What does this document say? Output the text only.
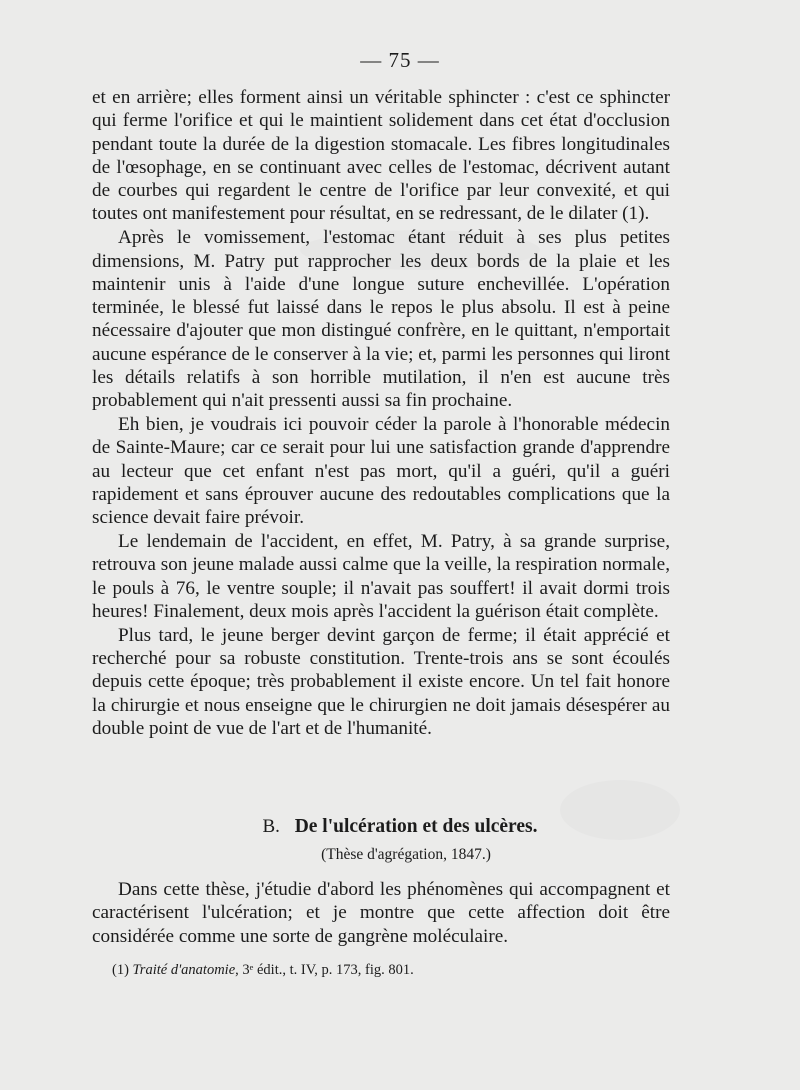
— 75 —

et en arrière; elles forment ainsi un véritable sphincter : c'est ce sphincter qui ferme l'orifice et qui le maintient solidement dans cet état d'occlusion pendant toute la durée de la digestion stomacale. Les fibres longitudinales de l'œsophage, en se continuant avec celles de l'estomac, décrivent autant de courbes qui regardent le centre de l'orifice par leur convexité, et qui toutes ont manifestement pour résultat, en se redressant, de le dilater (1).

Après le vomissement, l'estomac étant réduit à ses plus petites dimensions, M. Patry put rapprocher les deux bords de la plaie et les maintenir unis à l'aide d'une longue suture enchevillée. L'opération terminée, le blessé fut laissé dans le repos le plus absolu. Il est à peine nécessaire d'ajouter que mon distingué confrère, en le quittant, n'emportait aucune espérance de le conserver à la vie; et, parmi les personnes qui liront les détails relatifs à son horrible mutilation, il n'en est aucune très probablement qui n'ait pressenti aussi sa fin prochaine.

Eh bien, je voudrais ici pouvoir céder la parole à l'honorable médecin de Sainte-Maure; car ce serait pour lui une satisfaction grande d'apprendre au lecteur que cet enfant n'est pas mort, qu'il a guéri, qu'il a guéri rapidement et sans éprouver aucune des redoutables complications que la science devait faire prévoir.

Le lendemain de l'accident, en effet, M. Patry, à sa grande surprise, retrouva son jeune malade aussi calme que la veille, la respiration normale, le pouls à 76, le ventre souple; il n'avait pas souffert! il avait dormi trois heures! Finalement, deux mois après l'accident la guérison était complète.

Plus tard, le jeune berger devint garçon de ferme; il était apprécié et recherché pour sa robuste constitution. Trente-trois ans se sont écoulés depuis cette époque; très probablement il existe encore. Un tel fait honore la chirurgie et nous enseigne que le chirurgien ne doit jamais désespérer au double point de vue de l'art et de l'humanité.

B. De l'ulcération et des ulcères.
(Thèse d'agrégation, 1847.)

Dans cette thèse, j'étudie d'abord les phénomènes qui accompagnent et caractérisent l'ulcération; et je montre que cette affection doit être considérée comme une sorte de gangrène moléculaire.

(1) Traité d'anatomie, 3ᵉ édit., t. IV, p. 173, fig. 801.
